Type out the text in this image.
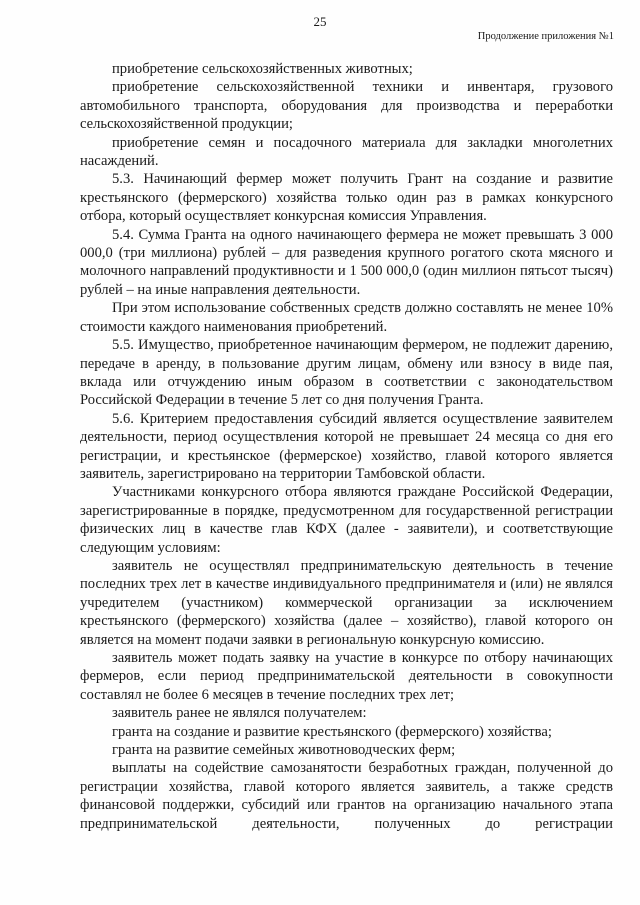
25
Продолжение приложения №1

приобретение сельскохозяйственных животных;

приобретение сельскохозяйственной техники и инвентаря, грузового автомобильного транспорта, оборудования для производства и переработки сельскохозяйственной продукции;

приобретение семян и посадочного материала для закладки многолетних насаждений.

5.3. Начинающий фермер может получить Грант на создание и развитие крестьянского (фермерского) хозяйства только один раз в рамках конкурсного отбора, который осуществляет конкурсная комиссия Управления.

5.4. Сумма Гранта на одного начинающего фермера не может превышать 3 000 000,0 (три миллиона) рублей – для разведения крупного рогатого скота мясного и молочного направлений продуктивности и 1 500 000,0 (один миллион пятьсот тысяч) рублей – на иные направления деятельности.

При этом использование собственных средств должно составлять не менее 10% стоимости каждого наименования приобретений.

5.5. Имущество, приобретенное начинающим фермером, не подлежит дарению, передаче в аренду, в пользование другим лицам, обмену или взносу в виде пая, вклада или отчуждению иным образом в соответствии с законодательством Российской Федерации в течение 5 лет со дня получения Гранта.

5.6. Критерием предоставления субсидий является осуществление заявителем деятельности, период осуществления которой не превышает 24 месяца со дня его регистрации, и крестьянское (фермерское) хозяйство, главой которого является заявитель, зарегистрировано на территории Тамбовской области.

Участниками конкурсного отбора являются граждане Российской Федерации, зарегистрированные в порядке, предусмотренном для государственной регистрации физических лиц в качестве глав КФХ (далее - заявители), и соответствующие следующим условиям:

заявитель не осуществлял предпринимательскую деятельность в течение последних трех лет в качестве индивидуального предпринимателя и (или) не являлся учредителем (участником) коммерческой организации за исключением крестьянского (фермерского) хозяйства (далее – хозяйство), главой которого он является на момент подачи заявки в региональную конкурсную комиссию.

заявитель может подать заявку на участие в конкурсе по отбору начинающих фермеров, если период предпринимательской деятельности в совокупности составлял не более 6 месяцев в течение последних трех лет;

заявитель ранее не являлся получателем:

гранта на создание и развитие крестьянского (фермерского) хозяйства;

гранта на развитие семейных животноводческих ферм;

выплаты на содействие самозанятости безработных граждан, полученной до регистрации хозяйства, главой которого является заявитель, а также средств финансовой поддержки, субсидий или грантов на организацию начального этапа предпринимательской деятельности, полученных до регистрации
